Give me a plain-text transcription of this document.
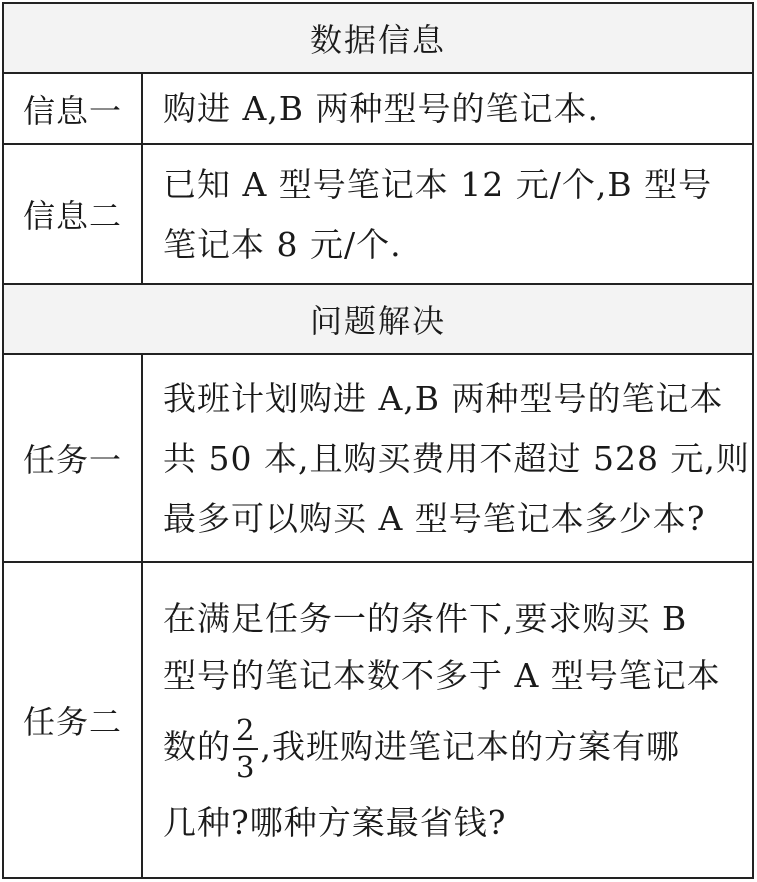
数据信息
信息一	购进 A,B 两种型号的笔记本.
信息二
已知 A 型号笔记本 12 元/个,B 型号
笔记本 8 元/个.
问题解决
任务一
我班计划购进 A,B 两种型号的笔记本
共 50 本,且购买费用不超过 528 元,则
最多可以购买 A 型号笔记本多少本?
任务二
在满足任务一的条件下,要求购买 B
型号的笔记本数不多于 A 型号笔记本
数的 $\frac{2}{3}$ ,我班购进笔记本的方案有哪
几种?哪种方案最省钱?
